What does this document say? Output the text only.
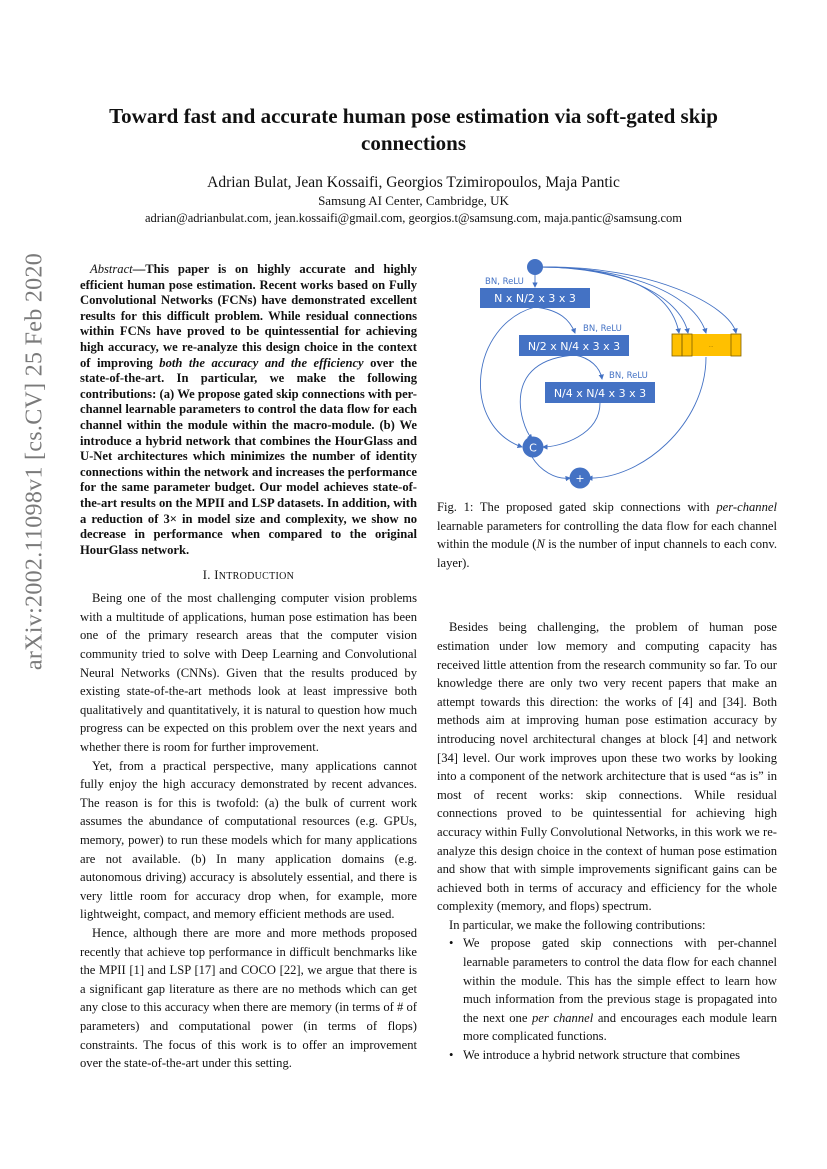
arXiv:2002.11098v1 [cs.CV] 25 Feb 2020
Toward fast and accurate human pose estimation via soft-gated skip connections
Adrian Bulat, Jean Kossaifi, Georgios Tzimiropoulos, Maja Pantic
Samsung AI Center, Cambridge, UK
adrian@adrianbulat.com, jean.kossaifi@gmail.com, georgios.t@samsung.com, maja.pantic@samsung.com

Abstract—This paper is on highly accurate and highly efficient human pose estimation. Recent works based on Fully Convolutional Networks (FCNs) have demonstrated excellent results for this difficult problem. While residual connections within FCNs have proved to be quintessential for achieving high accuracy, we re-analyze this design choice in the context of improving both the accuracy and the efficiency over the state-of-the-art. In particular, we make the following contributions: (a) We propose gated skip connections with per-channel learnable parameters to control the data flow for each channel within the module within the macro-module. (b) We introduce a hybrid network that combines the HourGlass and U-Net architectures which minimizes the number of identity connections within the network and increases the performance for the same parameter budget. Our model achieves state-of-the-art results on the MPII and LSP datasets. In addition, with a reduction of 3× in model size and complexity, we show no decrease in performance when compared to the original HourGlass network.

I. INTRODUCTION

Being one of the most challenging computer vision problems with a multitude of applications, human pose estimation has been one of the primary research areas that the computer vision community tried to solve with Deep Learning and Convolutional Neural Networks (CNNs). Given that the results produced by existing state-of-the-art methods look at least impressive both qualitatively and quantitatively, it is natural to question how much progress can be expected on this problem over the next years and whether there is room for further improvement.

Yet, from a practical perspective, many applications cannot fully enjoy the high accuracy demonstrated by recent advances. The reason is for this is twofold: (a) the bulk of current work assumes the abundance of computational resources (e.g. GPUs, memory, power) to run these models which for many applications are not available. (b) In many application domains (e.g. autonomous driving) accuracy is absolutely essential, and there is very little room for accuracy drop when, for example, more lightweight, compact, and memory efficient methods are used.

Hence, although there are more and more methods proposed recently that achieve top performance in difficult benchmarks like the MPII [1] and LSP [17] and COCO [22], we argue that there is a significant gap literature as there are no methods which can get any close to this accuracy when there are memory (in terms of # of parameters) and computational power (in terms of flops) constraints. The focus of this work is to offer an improvement over the state-of-the-art under this setting.

BN, ReLU
N x N/2 x 3 x 3
BN, ReLU
N/2 x N/4 x 3 x 3
BN, ReLU
N/4 x N/4 x 3 x 3
...
C
+

Fig. 1: The proposed gated skip connections with per-channel learnable parameters for controlling the data flow for each channel within the module (N is the number of input channels to each conv. layer).

Besides being challenging, the problem of human pose estimation under low memory and computing capacity has received little attention from the research community so far. To our knowledge there are only two very recent papers that make an attempt towards this direction: the works of [4] and [34]. Both methods aim at improving human pose estimation accuracy by introducing novel architectural changes at block [4] and network [34] level. Our work improves upon these two works by looking into a component of the network architecture that is used “as is” in most of recent works: skip connections. While residual connections proved to be quintessential for achieving high accuracy within Fully Convolutional Networks, in this work we re-analyze this design choice in the context of human pose estimation and show that with simple improvements significant gains can be achieved both in terms of accuracy and efficiency for the whole complexity (memory, and flops) spectrum.

In particular, we make the following contributions:

• We propose gated skip connections with per-channel learnable parameters to control the data flow for each channel within the module. This has the simple effect to learn how much information from the previous stage is propagated into the next one per channel and encourages each module learn more complicated functions.
• We introduce a hybrid network structure that combines
